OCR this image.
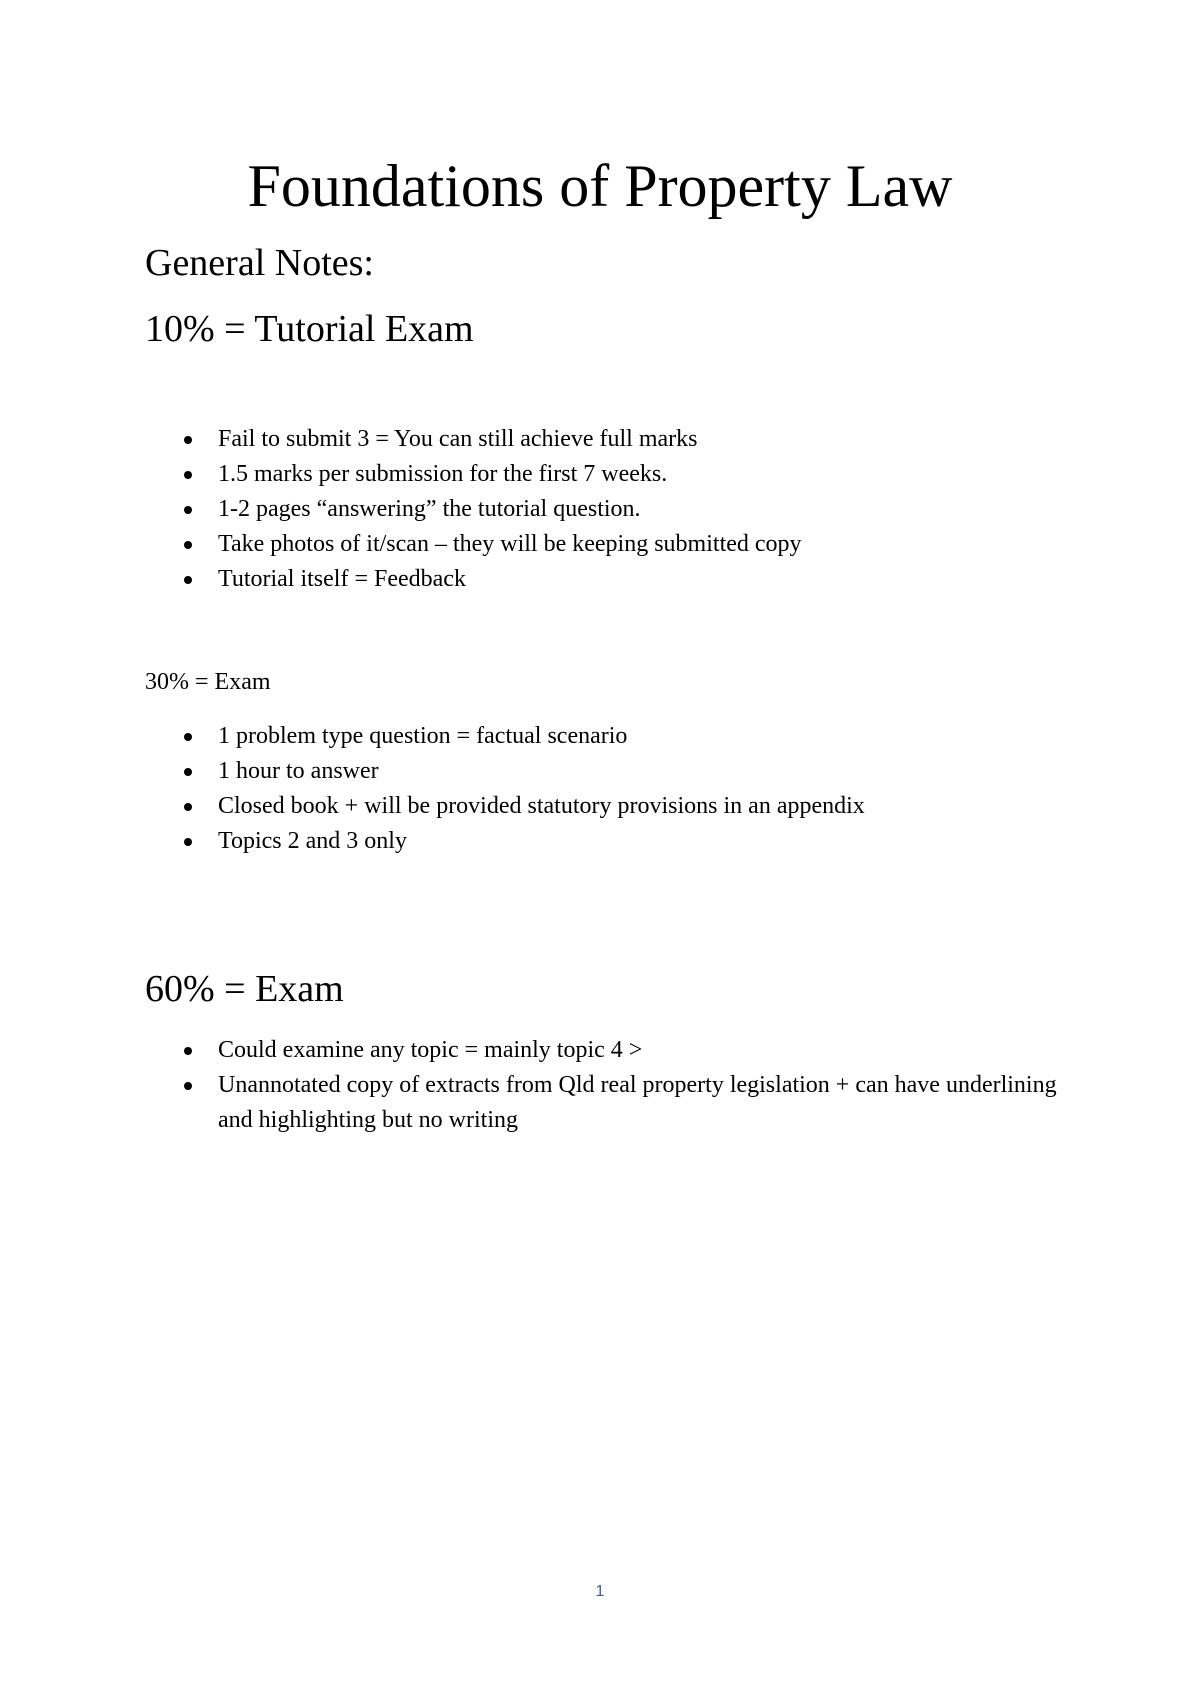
Foundations of Property Law
General Notes:
10% = Tutorial Exam
Fail to submit 3 = You can still achieve full marks
1.5 marks per submission for the first 7 weeks.
1-2 pages “answering” the tutorial question.
Take photos of it/scan – they will be keeping submitted copy
Tutorial itself = Feedback
30% = Exam
1 problem type question = factual scenario
1 hour to answer
Closed book + will be provided statutory provisions in an appendix
Topics 2 and 3 only
60% = Exam
Could examine any topic = mainly topic 4 >
Unannotated copy of extracts from Qld real property legislation + can have underlining and highlighting but no writing
1
